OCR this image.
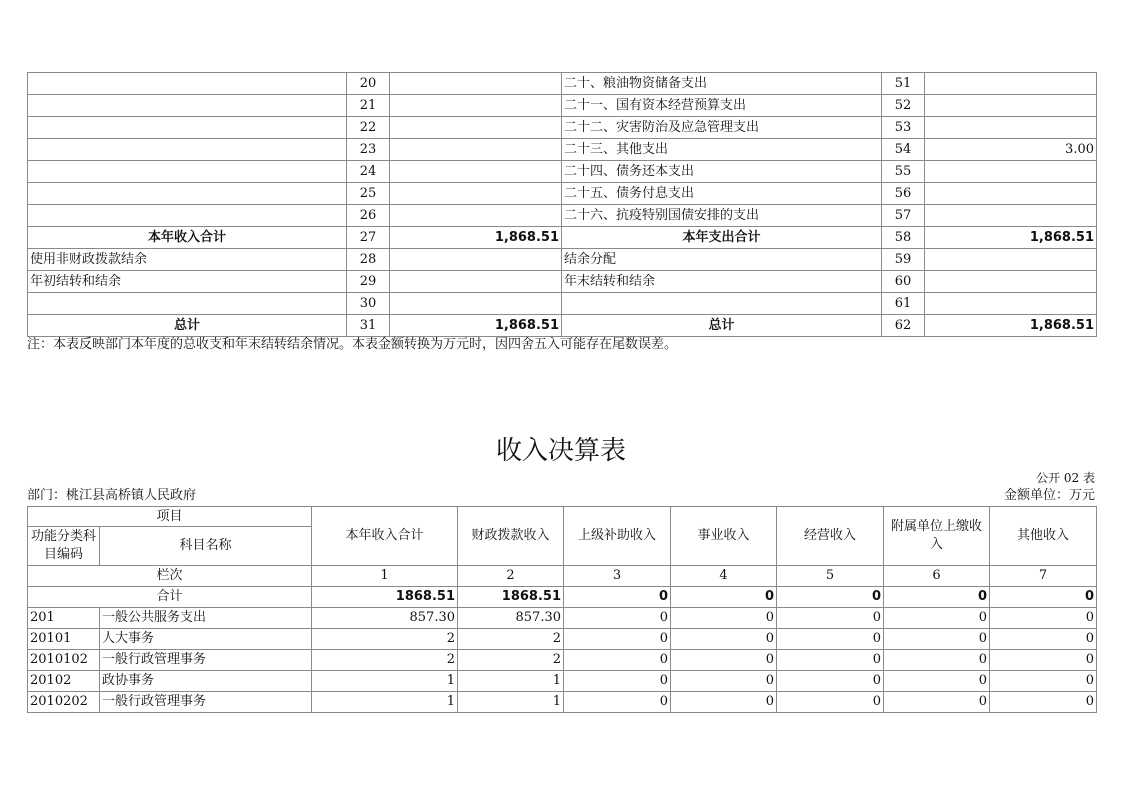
	20		二十、粮油物资储备支出	51	
	21		二十一、国有资本经营预算支出	52	
	22		二十二、灾害防治及应急管理支出	53	
	23		二十三、其他支出	54	3.00
	24		二十四、债务还本支出	55	
	25		二十五、债务付息支出	56	
	26		二十六、抗疫特别国债安排的支出	57	
本年收入合计	27	1,868.51	本年支出合计	58	1,868.51
使用非财政拨款结余	28		结余分配	59	
年初结转和结余	29		年末结转和结余	60	
	30			61	
总计	31	1,868.51	总计	62	1,868.51
注：本表反映部门本年度的总收支和年末结转结余情况。本表金额转换为万元时，因四舍五入可能存在尾数误差。
收入决算表
公开 02 表
部门：桃江县高桥镇人民政府	金额单位：万元
项目		本年收入合计	财政拨款收入	上级补助收入	事业收入	经营收入	附属单位上缴收入	其他收入
功能分类科目编码	科目名称							
栏次		1	2	3	4	5	6	7
合计		1868.51	1868.51	0	0	0	0	0
201	一般公共服务支出	857.30	857.30	0	0	0	0	0
20101	人大事务	2	2	0	0	0	0	0
2010102	一般行政管理事务	2	2	0	0	0	0	0
20102	政协事务	1	1	0	0	0	0	0
2010202	一般行政管理事务	1	1	0	0	0	0	0
